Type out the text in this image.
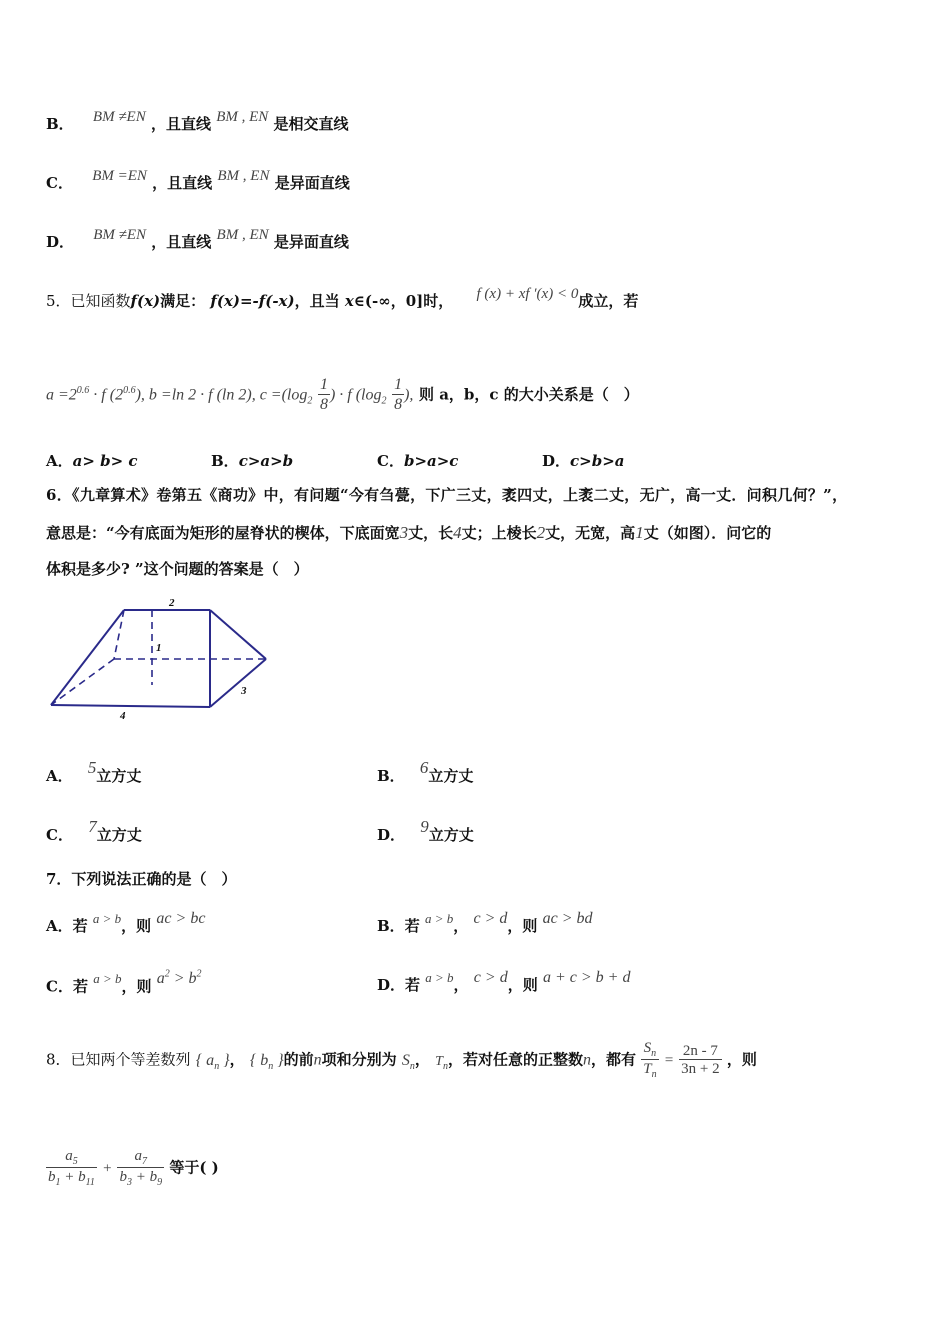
B． BM ≠EN ，且直线 BM , EN 是相交直线
C． BM =EN ，且直线 BM , EN 是异面直线
D． BM ≠EN ，且直线 BM , EN 是异面直线
5．已知函数f(x)满足： f(x)=-f(-x)，且当 x∈(-∞，0]时， f (x) + xf ′(x) < 0成立，若
$a =2^{0.6} \cdot f$ $(2^{0.6})$, b =ln 2 · f (ln 2), $c =(\log_2 \frac{1}{8}$ ) · f ($\log_2 \frac{1}{8}$ ), 则 a，b，c 的大小关系是（　）
A．a> b> c	B．c>a>b	C．b>a>c	D．c>b>a
6．《九章算术》卷第五《商功》中，有问题“今有刍甍，下广三丈，袤四丈，上袤二丈，无广，高一丈．问积几何？”，
意思是：“今有底面为矩形的屋脊状的楔体，下底面宽3丈，长4丈；上棱长2丈，无宽，高1丈（如图）．问它的
体积是多少? ”这个问题的答案是（　）
2
1
3
4
A． 5立方丈	B． 6立方丈
C． 7立方丈	D． 9立方丈
7．下列说法正确的是（　）
A．若 a > b，则 ac > bc	B．若 a > b， c > d，则 ac > bd
C．若 a > b，则 $a^2 > b^2$
D．若 a > b， c > d，则 a + c > b + d
8．已知两个等差数列 { $a_n$ }， { $b_n$ }的前n项和分别为 $S_n$， $T_n$，若对任意的正整数n，都有 $\frac{S_n}{T_n} = \frac{2n - 7}{3n + 2}$ ，则
$\frac{a_5}{b_1 + b_{11}} + \frac{a_7}{b_3 + b_9}$ 等于( )
